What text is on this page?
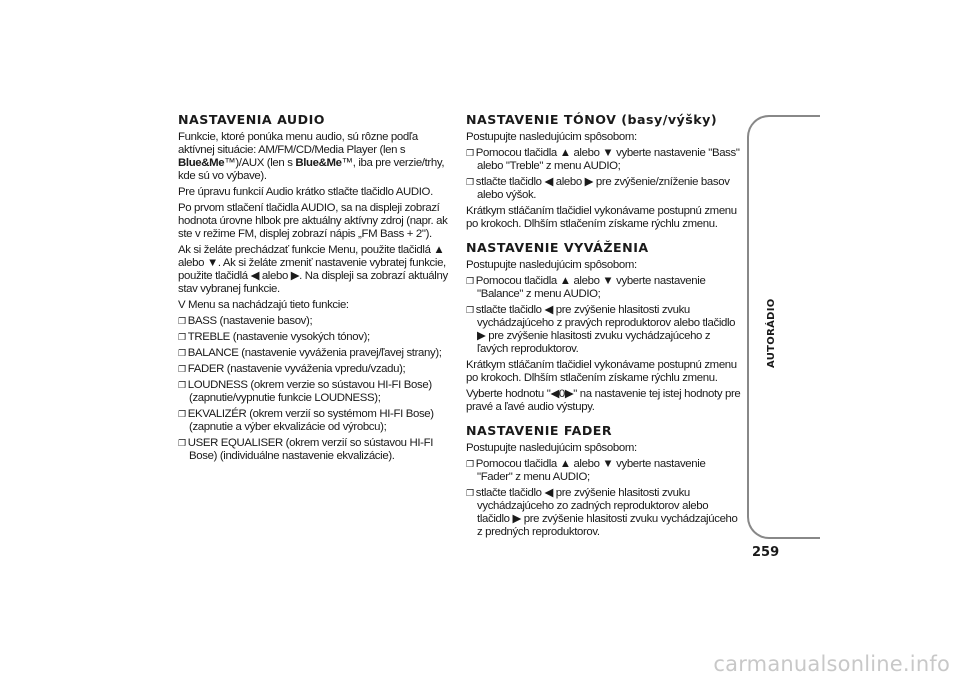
NASTAVENIA AUDIO

Funkcie, ktoré ponúka menu audio, sú rôzne podľa aktívnej situácie: AM/FM/CD/Media Player (len s Blue&Me™)/AUX (len s Blue&Me™, iba pre verzie/trhy, kde sú vo výbave).

Pre úpravu funkcií Audio krátko stlačte tlačidlo AUDIO.

Po prvom stlačení tlačidla AUDIO, sa na displeji zobrazí hodnota úrovne hlbok pre aktuálny aktívny zdroj (napr. ak ste v režime FM, displej zobrazí nápis „FM Bass + 2").

Ak si želáte prechádzať funkcie Menu, použite tlačidlá ▲ alebo ▼. Ak si želáte zmeniť nastavenie vybratej funkcie, použite tlačidlá ◀ alebo ▶. Na displeji sa zobrazí aktuálny stav vybranej funkcie.

V Menu sa nachádzajú tieto funkcie:

❐ BASS (nastavenie basov);
❐ TREBLE (nastavenie vysokých tónov);
❐ BALANCE (nastavenie vyváženia pravej/ľavej strany);
❐ FADER (nastavenie vyváženia vpredu/vzadu);
❐ LOUDNESS (okrem verzie so sústavou HI-FI Bose) (zapnutie/vypnutie funkcie LOUDNESS);
❐ EKVALIZÉR (okrem verzií so systémom HI-FI Bose) (zapnutie a výber ekvalizácie od výrobcu);
❐ USER EQUALISER (okrem verzií so sústavou HI-FI Bose) (individuálne nastavenie ekvalizácie).
NASTAVENIE TÓNOV (basy/výšky)

Postupujte nasledujúcim spôsobom:

❐ Pomocou tlačidla ▲ alebo ▼ vyberte nastavenie "Bass" alebo "Treble" z menu AUDIO;
❐ stlačte tlačidlo ◀ alebo ▶ pre zvýšenie/zníženie basov alebo výšok.

Krátkym stláčaním tlačidiel vykonávame postupnú zmenu po krokoch. Dlhším stlačením získame rýchlu zmenu.

NASTAVENIE VYVÁŽENIA

Postupujte nasledujúcim spôsobom:

❐ Pomocou tlačidla ▲ alebo ▼ vyberte nastavenie "Balance" z menu AUDIO;
❐ stlačte tlačidlo ◀ pre zvýšenie hlasitosti zvuku vychádzajúceho z pravých reproduktorov alebo tlačidlo ▶ pre zvýšenie hlasitosti zvuku vychádzajúceho z ľavých reproduktorov.

Krátkym stláčaním tlačidiel vykonávame postupnú zmenu po krokoch. Dlhším stlačením získame rýchlu zmenu.

Vyberte hodnotu "◀0▶" na nastavenie tej istej hodnoty pre pravé a ľavé audio výstupy.

NASTAVENIE FADER

Postupujte nasledujúcim spôsobom:

❐ Pomocou tlačidla ▲ alebo ▼ vyberte nastavenie "Fader" z menu AUDIO;
❐ stlačte tlačidlo ◀ pre zvýšenie hlasitosti zvuku vychádzajúceho zo zadných reproduktorov alebo tlačidlo ▶ pre zvýšenie hlasitosti zvuku vychádzajúceho z predných reproduktorov.
AUTORÁDIO
259
carmanualsonline.info
